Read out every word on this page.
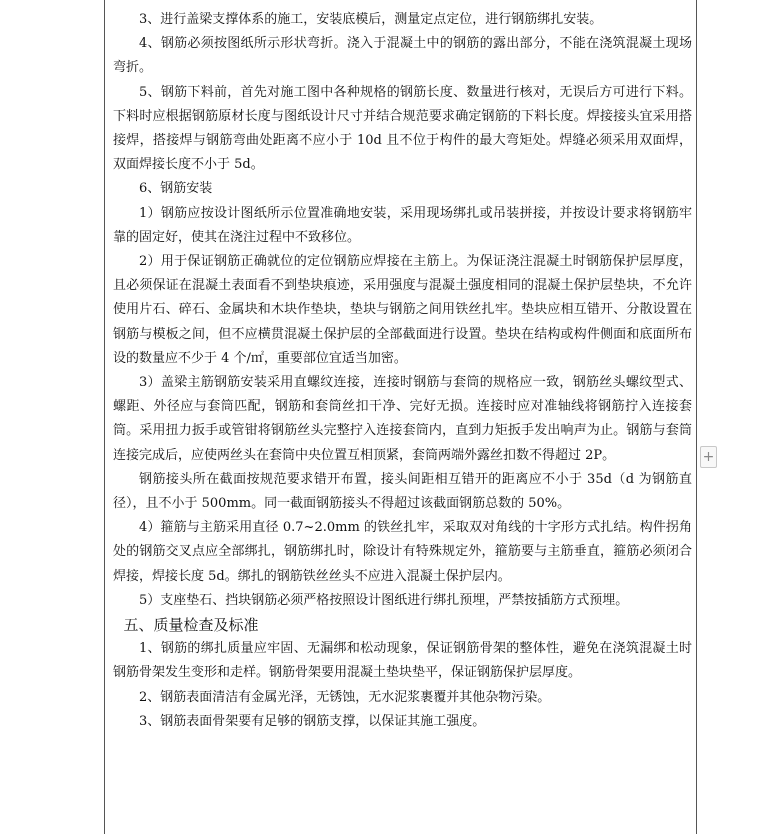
3、进行盖梁支撑体系的施工，安装底模后，测量定点定位，进行钢筋绑扎安装。

4、钢筋必须按图纸所示形状弯折。浇入于混凝土中的钢筋的露出部分，不能在浇筑混凝土现场弯折。

5、钢筋下料前，首先对施工图中各种规格的钢筋长度、数量进行核对，无误后方可进行下料。下料时应根据钢筋原材长度与图纸设计尺寸并结合规范要求确定钢筋的下料长度。焊接接头宜采用搭接焊，搭接焊与钢筋弯曲处距离不应小于 10d 且不位于构件的最大弯矩处。焊缝必须采用双面焊，双面焊接长度不小于 5d。

6、钢筋安装

1）钢筋应按设计图纸所示位置准确地安装，采用现场绑扎或吊装拼接，并按设计要求将钢筋牢靠的固定好，使其在浇注过程中不致移位。

2）用于保证钢筋正确就位的定位钢筋应焊接在主筋上。为保证浇注混凝土时钢筋保护层厚度，且必须保证在混凝土表面看不到垫块痕迹，采用强度与混凝土强度相同的混凝土保护层垫块，不允许使用片石、碎石、金属块和木块作垫块，垫块与钢筋之间用铁丝扎牢。垫块应相互错开、分散设置在钢筋与模板之间，但不应横贯混凝土保护层的全部截面进行设置。垫块在结构或构件侧面和底面所布设的数量应不少于 4 个/㎡，重要部位宜适当加密。

3）盖梁主筋钢筋安装采用直螺纹连接，连接时钢筋与套筒的规格应一致，钢筋丝头螺纹型式、螺距、外径应与套筒匹配，钢筋和套筒丝扣干净、完好无损。连接时应对准轴线将钢筋拧入连接套筒。采用扭力扳手或管钳将钢筋丝头完整拧入连接套筒内，直到力矩扳手发出响声为止。钢筋与套筒连接完成后，应使两丝头在套筒中央位置互相顶紧，套筒两端外露丝扣数不得超过 2P。

钢筋接头所在截面按规范要求错开布置，接头间距相互错开的距离应不小于 35d（d 为钢筋直径），且不小于 500mm。同一截面钢筋接头不得超过该截面钢筋总数的 50%。

4）箍筋与主筋采用直径 0.7~2.0mm 的铁丝扎牢，采取双对角线的十字形方式扎结。构件拐角处的钢筋交叉点应全部绑扎，钢筋绑扎时，除设计有特殊规定外，箍筋要与主筋垂直，箍筋必须闭合焊接，焊接长度 5d。绑扎的钢筋铁丝丝头不应进入混凝土保护层内。

5）支座垫石、挡块钢筋必须严格按照设计图纸进行绑扎预埋，严禁按插筋方式预埋。

五、质量检查及标准

1、钢筋的绑扎质量应牢固、无漏绑和松动现象，保证钢筋骨架的整体性，避免在浇筑混凝土时钢筋骨架发生变形和走样。钢筋骨架要用混凝土垫块垫平，保证钢筋保护层厚度。

2、钢筋表面清洁有金属光泽，无锈蚀，无水泥浆裹覆并其他杂物污染。

3、钢筋表面骨架要有足够的钢筋支撑，以保证其施工强度。

+
